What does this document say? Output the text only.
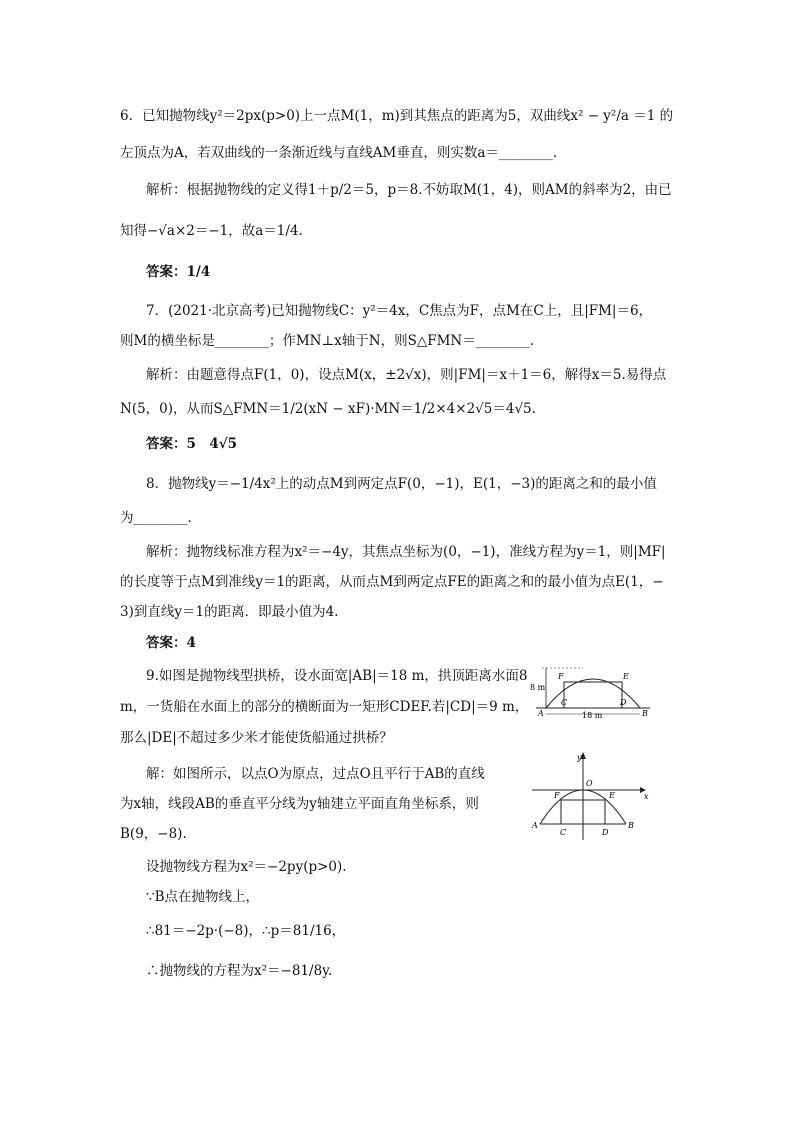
6．已知抛物线y²＝2px(p>0)上一点M(1，m)到其焦点的距离为5，双曲线x² − y²/a ＝1 的
左顶点为A，若双曲线的一条渐近线与直线AM垂直，则实数a＝________.
解析：根据抛物线的定义得1＋p/2＝5，p＝8.不妨取M(1，4)，则AM的斜率为2，由已
知得−√a×2＝−1，故a＝1/4.
答案：1/4
7．(2021·北京高考)已知抛物线C：y²＝4x，C焦点为F，点M在C上，且|FM|＝6，
则M的横坐标是________；作MN⊥x轴于N，则S△FMN＝________.
解析：由题意得点F(1，0)，设点M(x，±2√x)，则|FM|＝x＋1＝6，解得x＝5.易得点
N(5，0)，从而S△FMN＝1/2(xN − xF)·MN＝1/2×4×2√5＝4√5.
答案：5　4√5
8．抛物线y＝−1/4x²上的动点M到两定点F(0，−1)，E(1，−3)的距离之和的最小值
为________.
解析：抛物线标准方程为x²＝−4y，其焦点坐标为(0，−1)，准线方程为y＝1，则|MF|
的长度等于点M到准线y＝1的距离，从而点M到两定点FE的距离之和的最小值为点E(1，−
3)到直线y＝1的距离．即最小值为4.
答案：4
9.如图是抛物线型拱桥，设水面宽|AB|＝18 m，拱顶距离水面8
m，一货船在水面上的部分的横断面为一矩形CDEF.若|CD|＝9 m，
那么|DE|不超过多少米才能使货船通过拱桥？
解：如图所示，以点O为原点，过点O且平行于AB的直线
为x轴，线段AB的垂直平分线为y轴建立平面直角坐标系，则
B(9，−8).
设抛物线方程为x²＝−2py(p>0).
∵B点在抛物线上，
∴81＝−2p·(−8)，∴p＝81/16，
∴抛物线的方程为x²＝−81/8y.
F	E
8 m
A
C	D
B
18 m
y
O
x
F	E
A
C	D
B
